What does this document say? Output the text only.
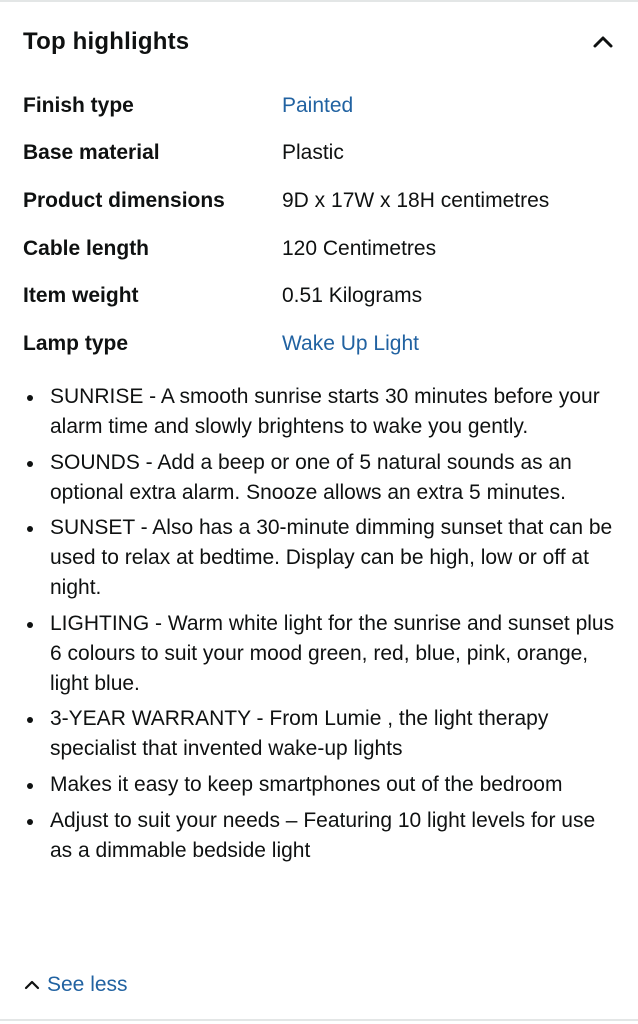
Top highlights
Finish type	Painted
Base material	Plastic
Product dimensions	9D x 17W x 18H centimetres
Cable length	120 Centimetres
Item weight	0.51 Kilograms
Lamp type	Wake Up Light
SUNRISE - A smooth sunrise starts 30 minutes before your alarm time and slowly brightens to wake you gently.
SOUNDS - Add a beep or one of 5 natural sounds as an optional extra alarm. Snooze allows an extra 5 minutes.
SUNSET - Also has a 30-minute dimming sunset that can be used to relax at bedtime. Display can be high, low or off at night.
LIGHTING - Warm white light for the sunrise and sunset plus 6 colours to suit your mood green, red, blue, pink, orange, light blue.
3-YEAR WARRANTY - From Lumie , the light therapy specialist that invented wake-up lights
Makes it easy to keep smartphones out of the bedroom
Adjust to suit your needs – Featuring 10 light levels for use as a dimmable bedside light
See less
